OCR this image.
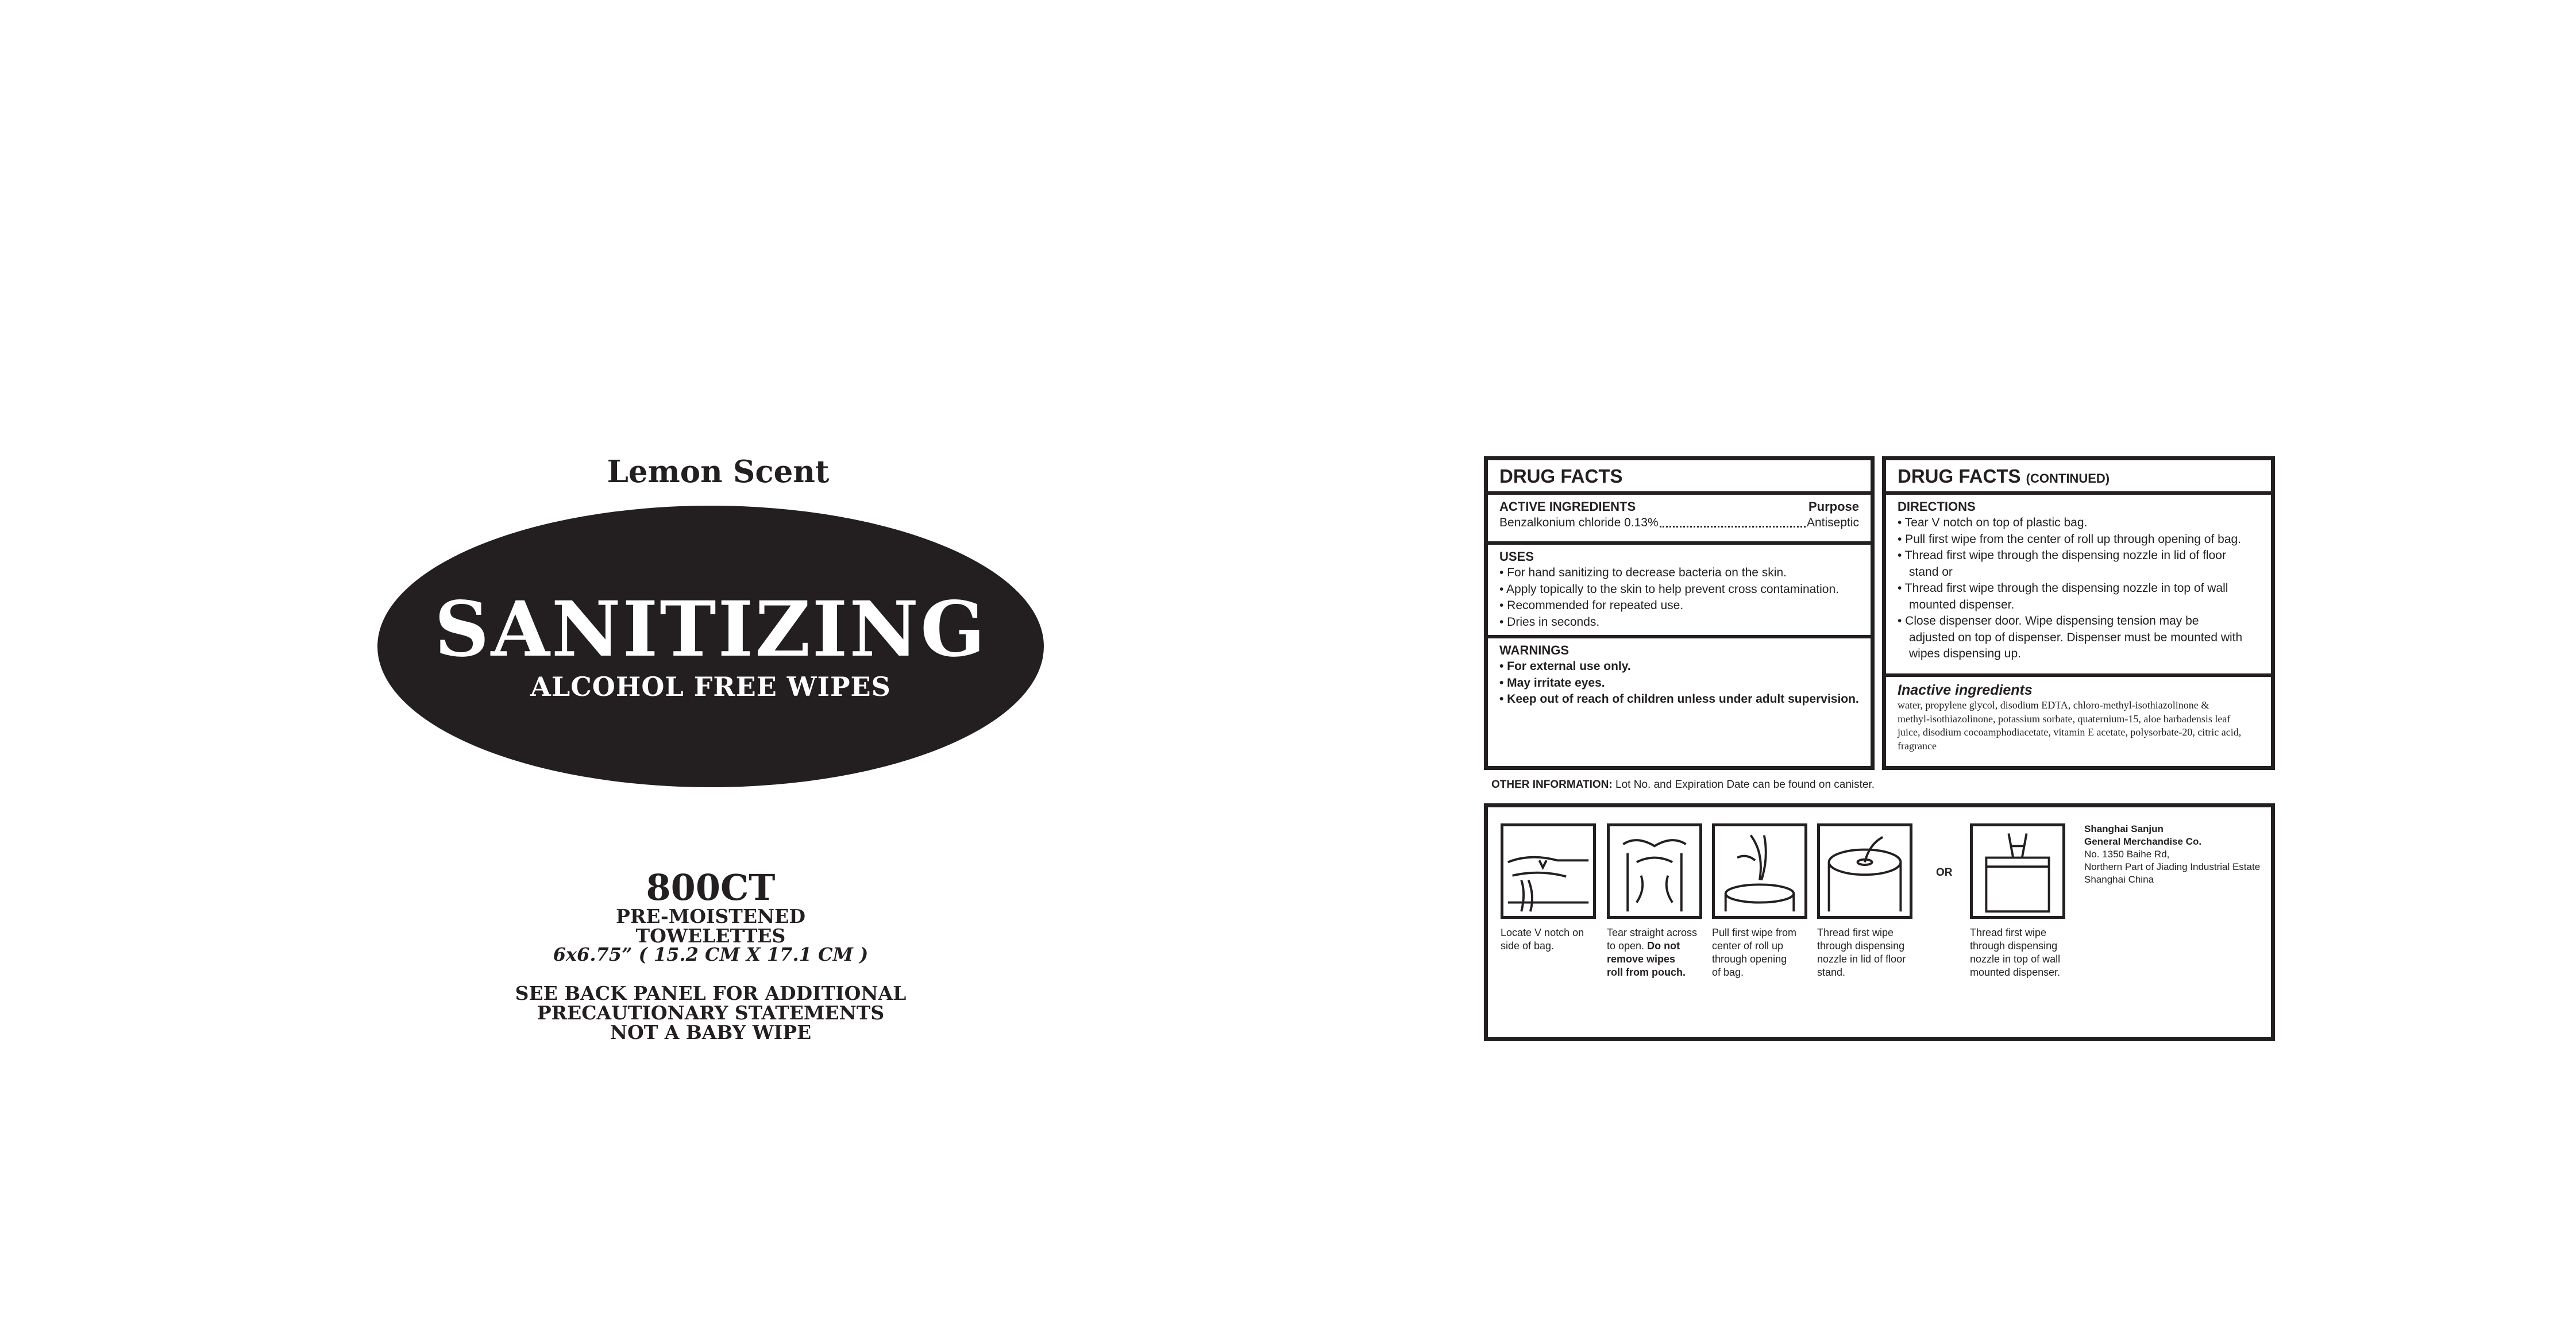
Lemon Scent
SANITIZING
ALCOHOL FREE WIPES
800CT
PRE-MOISTENED
TOWELETTES
6x6.75” ( 15.2 CM X 17.1 CM )
SEE BACK PANEL FOR ADDITIONAL
PRECAUTIONARY STATEMENTS
NOT A BABY WIPE
DRUG FACTS
ACTIVE INGREDIENTS	Purpose
Benzalkonium chloride 0.13%	Antiseptic
USES
• For hand sanitizing to decrease bacteria on the skin.
• Apply topically to the skin to help prevent cross contamination.
• Recommended for repeated use.
• Dries in seconds.
WARNINGS
• For external use only.
• May irritate eyes.
• Keep out of reach of children unless under adult supervision.
DRUG FACTS (CONTINUED)
DIRECTIONS
• Tear V notch on top of plastic bag.
• Pull first wipe from the center of roll up through opening of bag.
• Thread first wipe through the dispensing nozzle in lid of floor
stand or
• Thread first wipe through the dispensing nozzle in top of wall
mounted dispenser.
• Close dispenser door. Wipe dispensing tension may be
adjusted on top of dispenser. Dispenser must be mounted with
wipes dispensing up.
Inactive ingredients
water, propylene glycol, disodium EDTA, chloro-methyl-isothiazolinone &
methyl-isothiazolinone, potassium sorbate, quaternium-15, aloe barbadensis leaf
juice, disodium cocoamphodiacetate, vitamin E acetate, polysorbate-20, citric acid,
fragrance
OTHER INFORMATION: Lot No. and Expiration Date can be found on canister.
Locate V notch on
side of bag.
Tear straight across
to open. Do not
remove wipes
roll from pouch.
Pull first wipe from
center of roll up
through opening
of bag.
Thread first wipe
through dispensing
nozzle in lid of floor
stand.
OR
Thread first wipe
through dispensing
nozzle in top of wall
mounted dispenser.
Shanghai Sanjun
General Merchandise Co.
No. 1350 Baihe Rd,
Northern Part of Jiading Industrial Estate
Shanghai China
